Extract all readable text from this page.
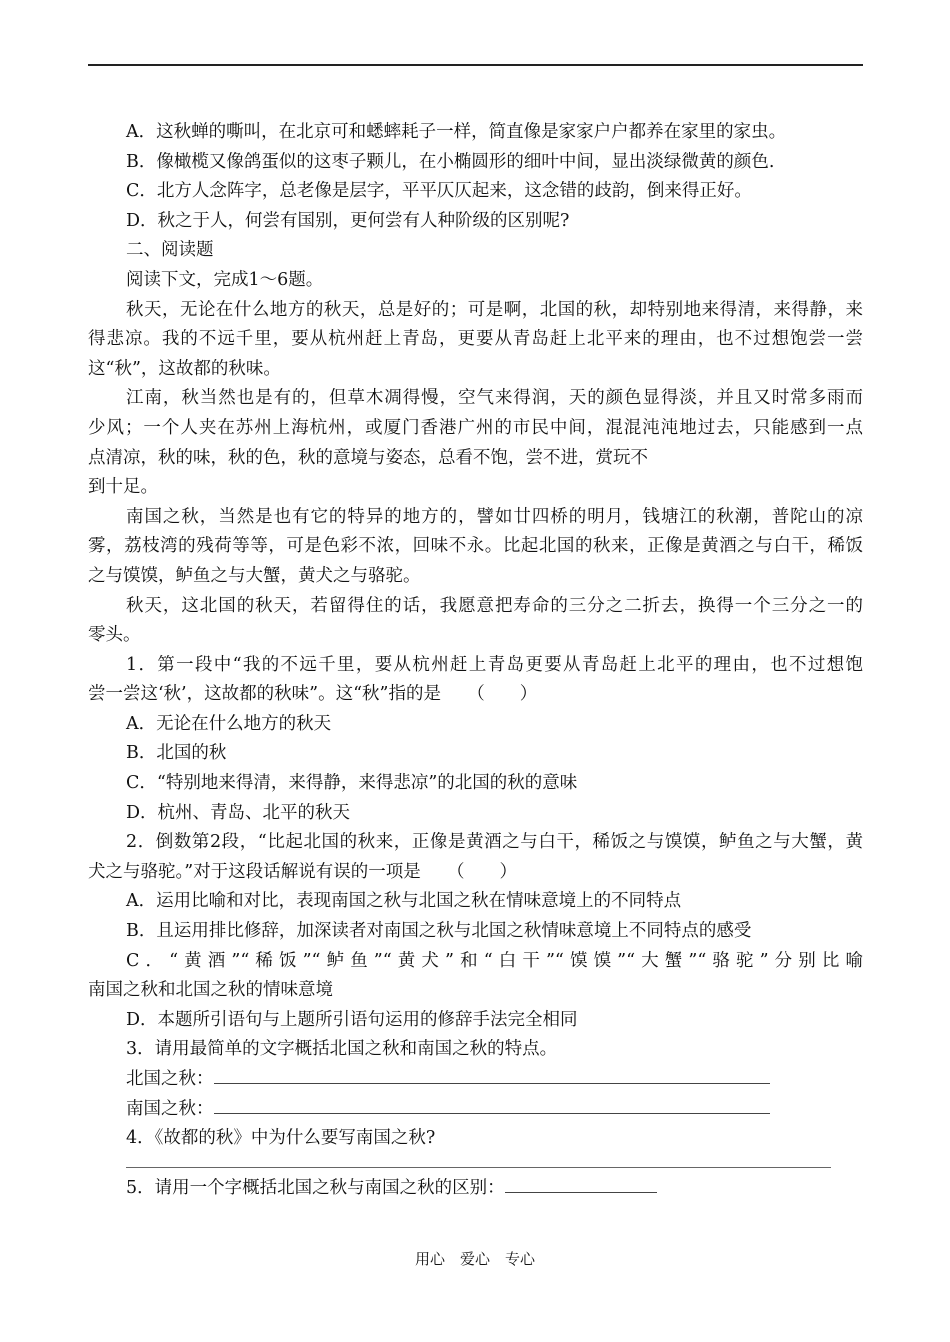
A．这秋蝉的嘶叫，在北京可和蟋蟀耗子一样，简直像是家家户户都养在家里的家虫。
B．像橄榄又像鸽蛋似的这枣子颗儿，在小椭圆形的细叶中间，显出淡绿微黄的颜色.
C．北方人念阵字，总老像是层字，平平仄仄起来，这念错的歧韵，倒来得正好。
D．秋之于人，何尝有国别，更何尝有人种阶级的区别呢?
二、阅读题
阅读下文，完成1～6题。
秋天，无论在什么地方的秋天，总是好的；可是啊，北国的秋，却特别地来得清，来得静，来
得悲凉。我的不远千里，要从杭州赶上青岛，更要从青岛赶上北平来的理由，也不过想饱尝一尝
这“秋”，这故都的秋味。
江南，秋当然也是有的，但草木凋得慢，空气来得润，天的颜色显得淡，并且又时常多雨而
少风；一个人夹在苏州上海杭州，或厦门香港广州的市民中间，混混沌沌地过去，只能感到一点
点清凉，秋的味，秋的色，秋的意境与姿态，总看不饱，尝不进，赏玩不
到十足。
南国之秋，当然是也有它的特异的地方的，譬如廿四桥的明月，钱塘江的秋潮，普陀山的凉
雾，荔枝湾的残荷等等，可是色彩不浓，回味不永。比起北国的秋来，正像是黄酒之与白干，稀饭
之与馍馍，鲈鱼之与大蟹，黄犬之与骆驼。
秋天，这北国的秋天，若留得住的话，我愿意把寿命的三分之二折去，换得一个三分之一的
零头。
1．第一段中“我的不远千里，要从杭州赶上青岛更要从青岛赶上北平的理由，也不过想饱
尝一尝这‘秋’，这故都的秋味”。这“秋”指的是　　（　　）
A．无论在什么地方的秋天
B．北国的秋
C．“特别地来得清，来得静，来得悲凉”的北国的秋的意味
D．杭州、青岛、北平的秋天
2．倒数第2段，“比起北国的秋来，正像是黄酒之与白干，稀饭之与馍馍，鲈鱼之与大蟹，黄
犬之与骆驼。”对于这段话解说有误的一项是　　（　　）
A．运用比喻和对比，表现南国之秋与北国之秋在情味意境上的不同特点
B．且运用排比修辞，加深读者对南国之秋与北国之秋情味意境上不同特点的感受
C．“黄酒”“稀饭”“鲈鱼”“黄犬”和“白干”“馍馍”“大蟹”“骆驼”分别比喻
南国之秋和北国之秋的情味意境
D．本题所引语句与上题所引语句运用的修辞手法完全相同
3．请用最简单的文字概括北国之秋和南国之秋的特点。
北国之秋：
南国之秋：
4．《故都的秋》中为什么要写南国之秋?
5．请用一个字概括北国之秋与南国之秋的区别：
用心　爱心　专心
